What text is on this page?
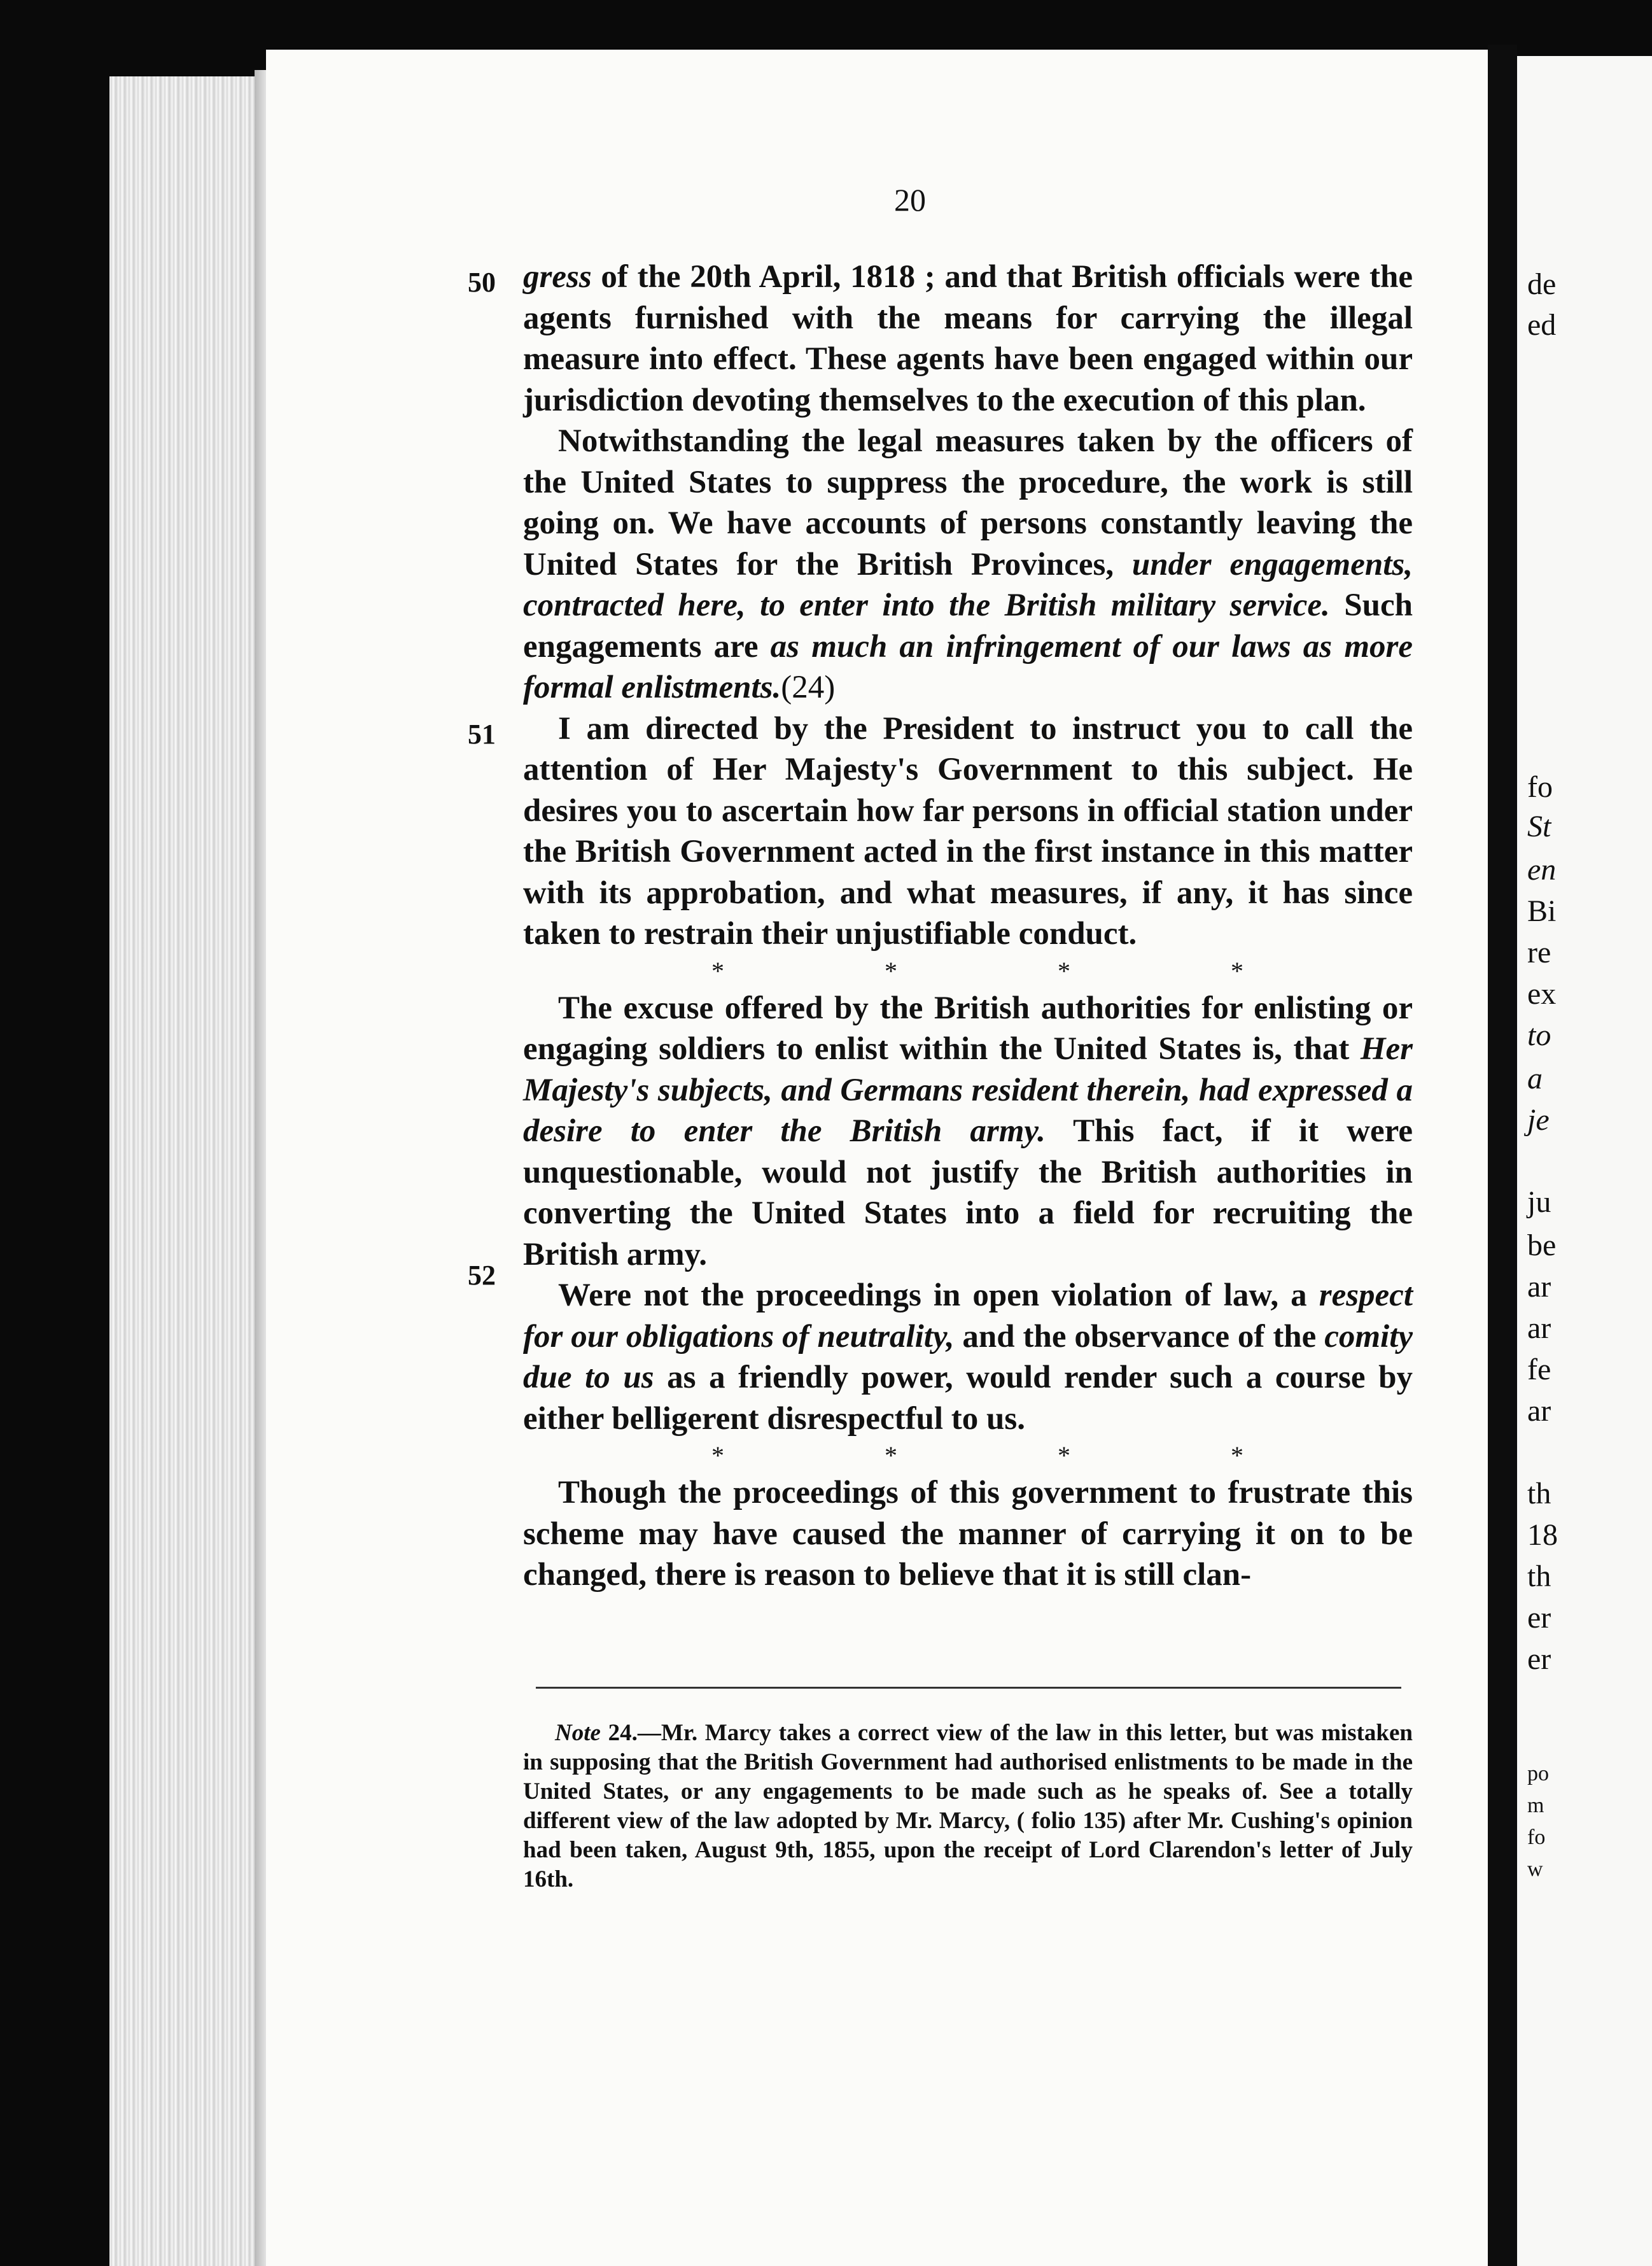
20
50
51
52

gress of the 20th April, 1818 ; and that British officials were the agents furnished with the means for carrying the illegal measure into effect. These agents have been engaged within our jurisdiction devoting themselves to the execution of this plan.

Notwithstanding the legal measures taken by the officers of the United States to suppress the procedure, the work is still going on. We have accounts of persons constantly leaving the United States for the British Provinces, under engagements, contracted here, to enter into the British military service. Such engagements are as much an infringement of our laws as more formal enlistments.(24)

I am directed by the President to instruct you to call the attention of Her Majesty's Government to this subject. He desires you to ascertain how far persons in official station under the British Government acted in the first instance in this matter with its approbation, and what measures, if any, it has since taken to restrain their unjustifiable conduct.

*	*	*	*

The excuse offered by the British authorities for enlisting or engaging soldiers to enlist within the United States is, that Her Majesty's subjects, and Germans resident therein, had expressed a desire to enter the British army. This fact, if it were unquestionable, would not justify the British authorities in converting the United States into a field for recruiting the British army.

Were not the proceedings in open violation of law, a respect for our obligations of neutrality, and the observance of the comity due to us as a friendly power, would render such a course by either belligerent disrespectful to us.

*	*	*	*

Though the proceedings of this government to frustrate this scheme may have caused the manner of carrying it on to be changed, there is reason to believe that it is still clan-

Note 24.—Mr. Marcy takes a correct view of the law in this letter, but was mistaken in supposing that the British Government had authorised enlistments to be made in the United States, or any engagements to be made such as he speaks of. See a totally different view of the law adopted by Mr. Marcy, ( folio 135) after Mr. Cushing's opinion had been taken, August 9th, 1855, upon the receipt of Lord Clarendon's letter of July 16th.

de
ed
fo
St
en
Bi
re
ex
to
a
je
ju
be
ar
ar
fe
ar
th
18
th
er
er
po
m
fo
w
